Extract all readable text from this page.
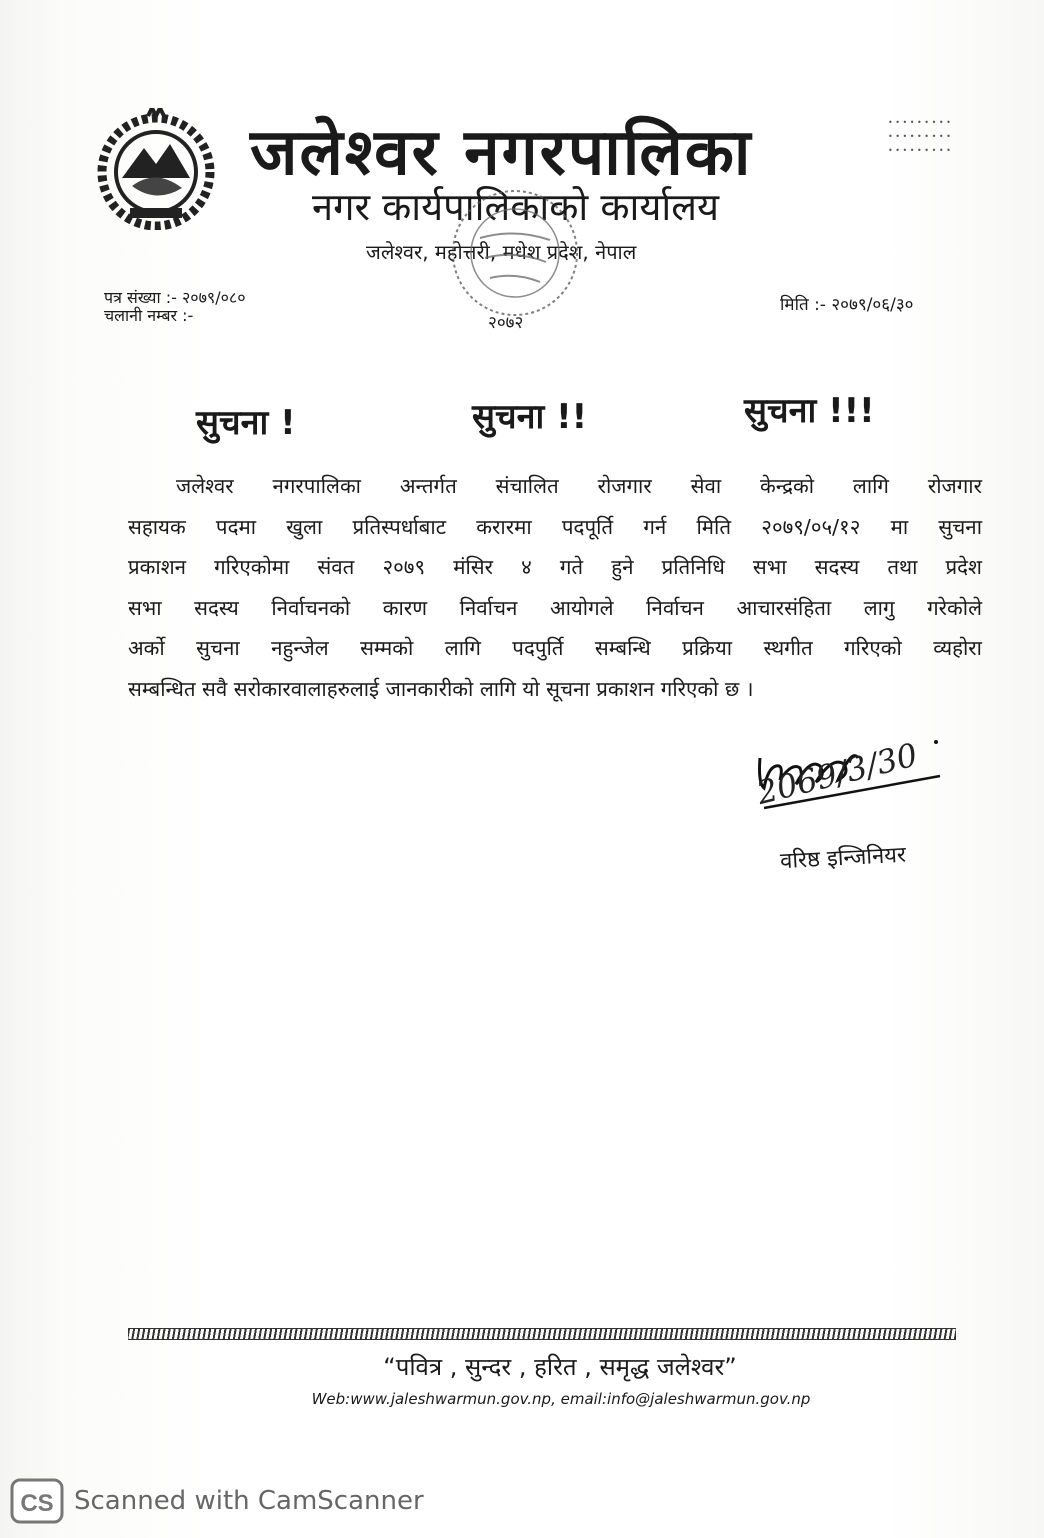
जलेश्वर नगरपालिका
नगर कार्यपालिकाको कार्यालय
जलेश्वर, महोत्तरी, मधेश प्रदेश, नेपाल
• • • • • • • • •
• • • • • • • • •
• • • • • • • • •
पत्र संख्या :- २०७९/०८०
चलानी नम्बर :-	२०७२
मिति :- २०७९/०६/३०
सुचना !	सुचना !!	सुचना !!!
जलेश्वर नगरपालिका अन्तर्गत संचालित रोजगार सेवा केन्द्रको लागि रोजगार
सहायक पदमा खुला प्रतिस्पर्धाबाट करारमा पदपूर्ति गर्न मिति २०७९/०५/१२ मा सुचना
प्रकाशन गरिएकोमा संवत २०७९ मंसिर ४ गते हुने प्रतिनिधि सभा सदस्य तथा प्रदेश
सभा सदस्य निर्वाचनको कारण निर्वाचन आयोगले निर्वाचन आचारसंहिता लागु गरेकोले
अर्को सुचना नहुन्जेल सम्मको लागि पदपुर्ति सम्बन्धि प्रक्रिया स्थगीत गरिएको व्यहोरा
सम्बन्धित सवै सरोकारवालाहरुलाई जानकारीको लागि यो सूचना प्रकाशन गरिएको छ ।
2069/3/30
वरिष्ठ इन्जिनियर
“पवित्र , सुन्दर , हरित , समृद्ध जलेश्वर”
Web:www.jaleshwarmun.gov.np, email:info@jaleshwarmun.gov.np
CS Scanned with CamScanner
